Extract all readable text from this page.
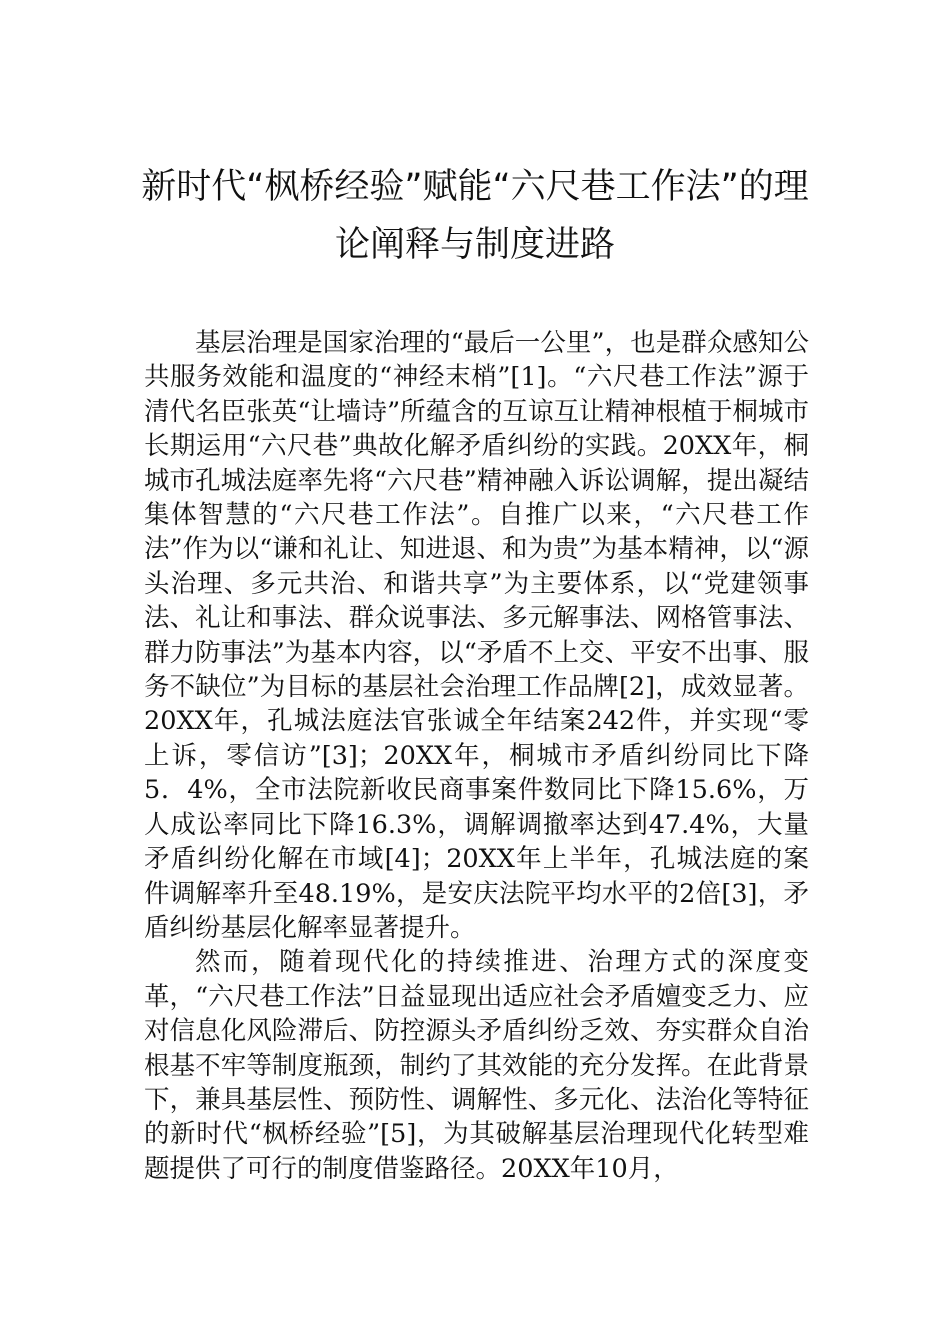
新时代“枫桥经验”赋能“六尺巷工作法”的理论阐释与制度进路

基层治理是国家治理的“最后一公里”，也是群众感知公共服务效能和温度的“神经末梢”[1]。“六尺巷工作法”源于清代名臣张英“让墙诗”所蕴含的互谅互让精神根植于桐城市长期运用“六尺巷”典故化解矛盾纠纷的实践。20XX年，桐城市孔城法庭率先将“六尺巷”精神融入诉讼调解，提出凝结集体智慧的“六尺巷工作法”。自推广以来，“六尺巷工作法”作为以“谦和礼让、知进退、和为贵”为基本精神，以“源头治理、多元共治、和谐共享”为主要体系，以“党建领事法、礼让和事法、群众说事法、多元解事法、网格管事法、群力防事法”为基本内容，以“矛盾不上交、平安不出事、服务不缺位”为目标的基层社会治理工作品牌[2]，成效显著。20XX年，孔城法庭法官张诚全年结案242件，并实现“零上诉，零信访”[3]；20XX年，桐城市矛盾纠纷同比下降5．4%，全市法院新收民商事案件数同比下降15.6%，万人成讼率同比下降16.3%，调解调撤率达到47.4%，大量矛盾纠纷化解在市域[4]；20XX年上半年，孔城法庭的案件调解率升至48.19%，是安庆法院平均水平的2倍[3]，矛盾纠纷基层化解率显著提升。

然而，随着现代化的持续推进、治理方式的深度变革，“六尺巷工作法”日益显现出适应社会矛盾嬗变乏力、应对信息化风险滞后、防控源头矛盾纠纷乏效、夯实群众自治根基不牢等制度瓶颈，制约了其效能的充分发挥。在此背景下，兼具基层性、预防性、调解性、多元化、法治化等特征的新时代“枫桥经验”[5]，为其破解基层治理现代化转型难题提供了可行的制度借鉴路径。20XX年10月，
